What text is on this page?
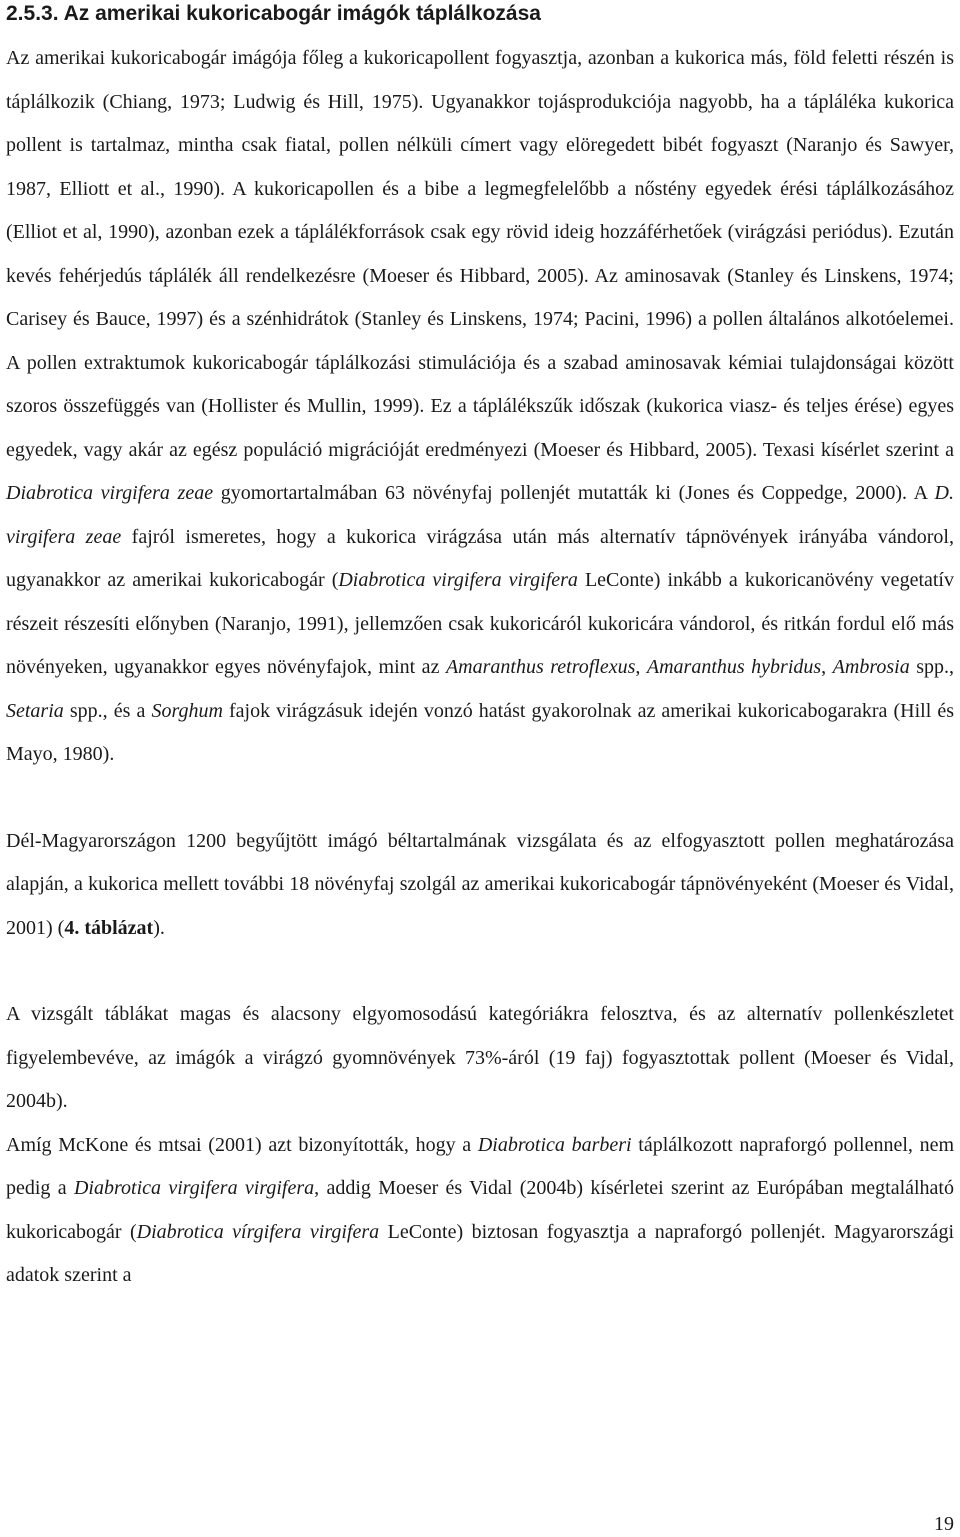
2.5.3. Az amerikai kukoricabogár imágók táplálkozása

Az amerikai kukoricabogár imágója főleg a kukoricapollent fogyasztja, azonban a kukorica más, föld feletti részén is táplálkozik (Chiang, 1973; Ludwig és Hill, 1975). Ugyanakkor tojásprodukciója nagyobb, ha a tápláléka kukorica pollent is tartalmaz, mintha csak fiatal, pollen nélküli címert vagy elöregedett bibét fogyaszt (Naranjo és Sawyer, 1987, Elliott et al., 1990). A kukoricapollen és a bibe a legmegfelelőbb a nőstény egyedek érési táplálkozásához (Elliot et al, 1990), azonban ezek a táplálékforrások csak egy rövid ideig hozzáférhetőek (virágzási periódus). Ezután kevés fehérjedús táplálék áll rendelkezésre (Moeser és Hibbard, 2005). Az aminosavak (Stanley és Linskens, 1974; Carisey és Bauce, 1997) és a szénhidrátok (Stanley és Linskens, 1974; Pacini, 1996) a pollen általános alkotóelemei. A pollen extraktumok kukoricabogár táplálkozási stimulációja és a szabad aminosavak kémiai tulajdonságai között szoros összefüggés van (Hollister és Mullin, 1999). Ez a táplálékszűk időszak (kukorica viasz- és teljes érése) egyes egyedek, vagy akár az egész populáció migrációját eredményezi (Moeser és Hibbard, 2005). Texasi kísérlet szerint a Diabrotica virgifera zeae gyomortartalmában 63 növényfaj pollenjét mutatták ki (Jones és Coppedge, 2000). A D. virgifera zeae fajról ismeretes, hogy a kukorica virágzása után más alternatív tápnövények irányába vándorol, ugyanakkor az amerikai kukoricabogár (Diabrotica virgifera virgifera LeConte) inkább a kukoricanövény vegetatív részeit részesíti előnyben (Naranjo, 1991), jellemzően csak kukoricáról kukoricára vándorol, és ritkán fordul elő más növényeken, ugyanakkor egyes növényfajok, mint az Amaranthus retroflexus, Amaranthus hybridus, Ambrosia spp., Setaria spp., és a Sorghum fajok virágzásuk idején vonzó hatást gyakorolnak az amerikai kukoricabogarakra (Hill és Mayo, 1980).

Dél-Magyarországon 1200 begyűjtött imágó béltartalmának vizsgálata és az elfogyasztott pollen meghatározása alapján, a kukorica mellett további 18 növényfaj szolgál az amerikai kukoricabogár tápnövényeként (Moeser és Vidal, 2001) (4. táblázat).

A vizsgált táblákat magas és alacsony elgyomosodású kategóriákra felosztva, és az alternatív pollenkészletet figyelembevéve, az imágók a virágzó gyomnövények 73%-áról (19 faj) fogyasztottak pollent (Moeser és Vidal, 2004b).

Amíg McKone és mtsai (2001) azt bizonyították, hogy a Diabrotica barberi táplálkozott napraforgó pollennel, nem pedig a Diabrotica virgifera virgifera, addig Moeser és Vidal (2004b) kísérletei szerint az Európában megtalálható kukoricabogár (Diabrotica vírgifera virgifera LeConte) biztosan fogyasztja a napraforgó pollenjét. Magyarországi adatok szerint a

19
